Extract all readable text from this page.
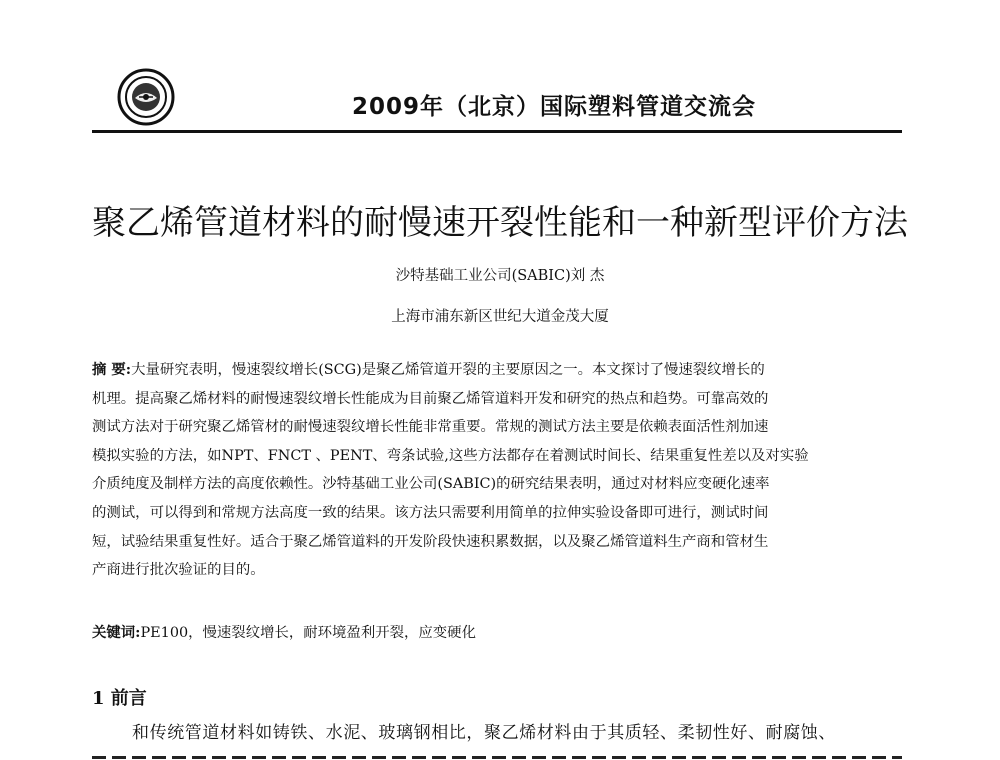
2009年（北京）国际塑料管道交流会
聚乙烯管道材料的耐慢速开裂性能和一种新型评价方法
沙特基础工业公司(SABIC)刘 杰
上海市浦东新区世纪大道金茂大厦
摘 要:大量研究表明，慢速裂纹增长(SCG)是聚乙烯管道开裂的主要原因之一。本文探讨了慢速裂纹增长的
机理。提高聚乙烯材料的耐慢速裂纹增长性能成为目前聚乙烯管道料开发和研究的热点和趋势。可靠高效的
测试方法对于研究聚乙烯管材的耐慢速裂纹增长性能非常重要。常规的测试方法主要是依赖表面活性剂加速
模拟实验的方法，如NPT、FNCT 、PENT、弯条试验,这些方法都存在着测试时间长、结果重复性差以及对实验
介质纯度及制样方法的高度依赖性。沙特基础工业公司(SABIC)的研究结果表明，通过对材料应变硬化速率
的测试，可以得到和常规方法高度一致的结果。该方法只需要利用简单的拉伸实验设备即可进行，测试时间
短，试验结果重复性好。适合于聚乙烯管道料的开发阶段快速积累数据，以及聚乙烯管道料生产商和管材生
产商进行批次验证的目的。
关键词:PE100，慢速裂纹增长，耐环境盈利开裂，应变硬化
1 前言
和传统管道材料如铸铁、水泥、玻璃钢相比，聚乙烯材料由于其质轻、柔韧性好、耐腐蚀、
